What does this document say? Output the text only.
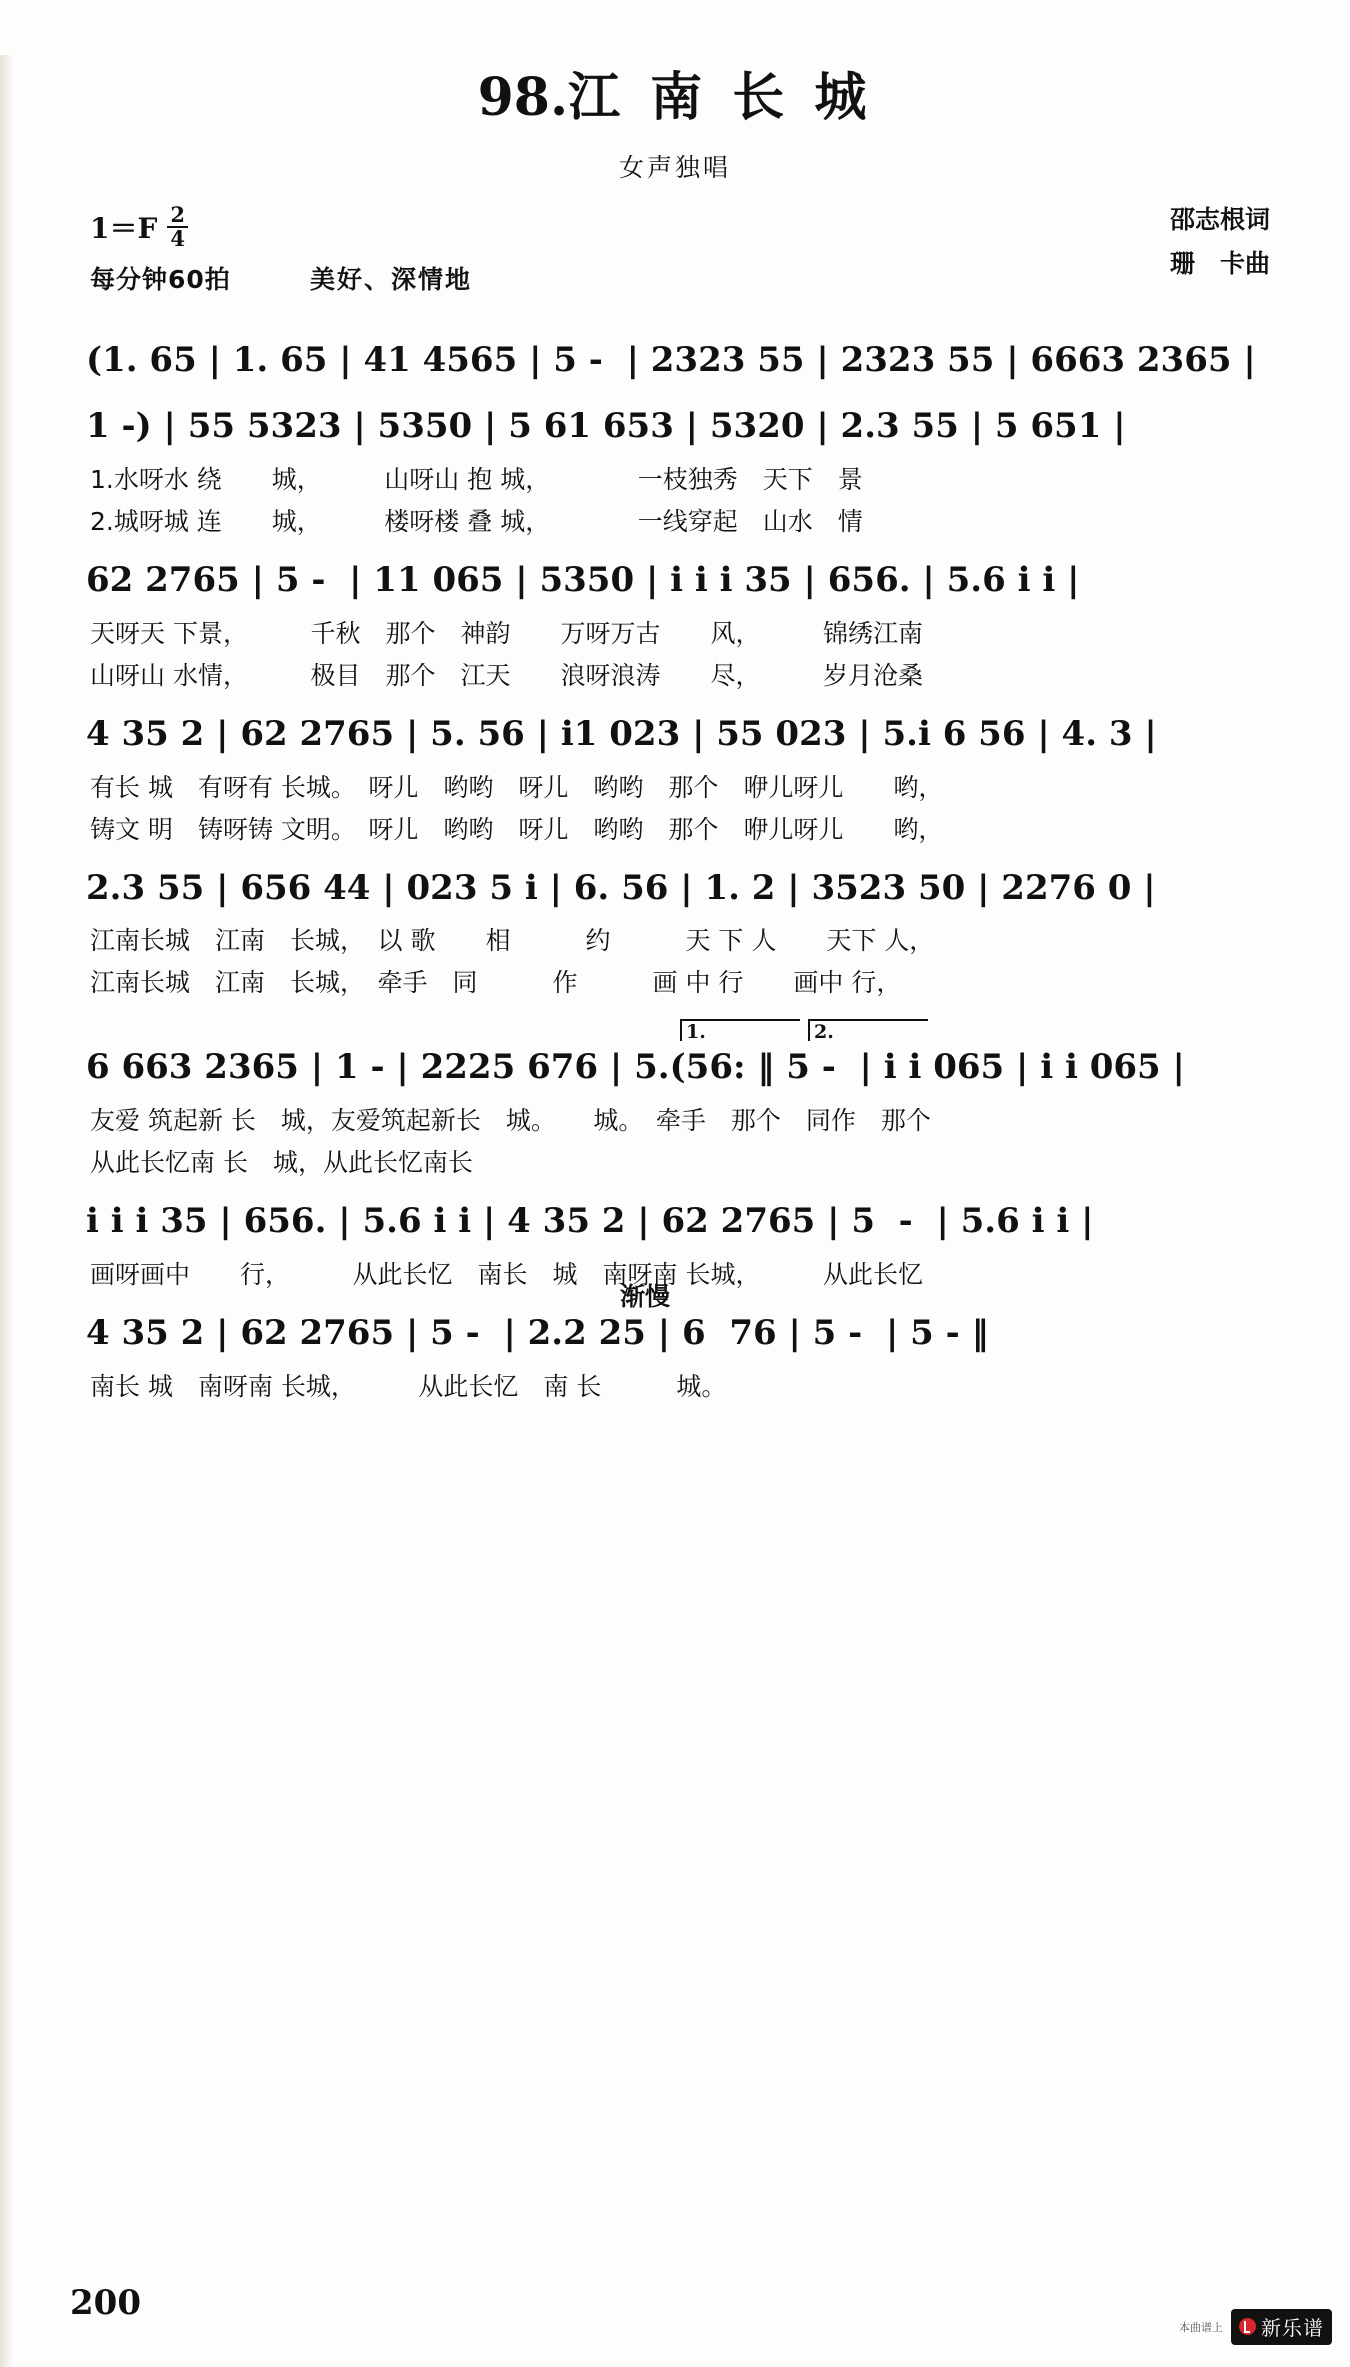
98.江 南 长 城
女声独唱
$1=F \frac{2}{4}$
每分钟60拍	美好、深情地
邵志根词
珊　卡曲
(1. 65 | 1. 65 | 41 4565 | 5 -  | 2323 55 | 2323 55 | 6663 2365 |
1 -) | 55 5323 | 5350 | 5 61 653 | 5320 | 2.3 55 | 5 651 |
1.水呀水 绕　　城，　　　山呀山 抱 城，　　　　一枝独秀　天下　景
2.城呀城 连　　城，　　　楼呀楼 叠 城，　　　　一线穿起　山水　情
62 2765 | 5 -  | 11 065 | 5350 | i i i 35 | 656. | 5.6 i i |
天呀天 下景，　　　千秋　那个　神韵　　万呀万古　　风，　　　锦绣江南
山呀山 水情，　　　极目　那个　江天　　浪呀浪涛　　尽，　　　岁月沧桑
4 35 2 | 62 2765 | 5. 56 | i1 023 | 55 023 | 5.i 6 56 | 4. 3 |
有长 城　有呀有 长城。　呀儿　哟哟　呀儿　哟哟　那个　咿儿呀儿　　哟，
铸文 明　铸呀铸 文明。　呀儿　哟哟　呀儿　哟哟　那个　咿儿呀儿　　哟，
2.3 55 | 656 44 | 023 5 i | 6. 56 | 1. 2 | 3523 50 | 2276 0 |
江南长城　江南　长城，　以 歌　　相　　　约　　　天 下 人　　天下 人，
江南长城　江南　长城，　牵手　同　　　作　　　画 中 行　　画中 行，
1.	2.
6 663 2365 | 1 - | 2225 676 | 5.(56: ‖ 5 -  | i i 065 | i i 065 |
友爱 筑起新 长　城，友爱筑起新长　城。　　城。　牵手　那个　同作　那个
从此长忆南 长　城，从此长忆南长
i i i 35 | 656. | 5.6 i i | 4 35 2 | 62 2765 | 5  -  | 5.6 i i |
画呀画中　　行，　　　从此长忆　南长　城　南呀南 长城，　　　从此长忆
渐慢
4 35 2 | 62 2765 | 5 -  | 2.2 25 | 6  76 | 5 -  | 5 - ‖
南长 城　南呀南 长城，　　　从此长忆　南 长　　　城。
200
本曲谱上 新乐谱
